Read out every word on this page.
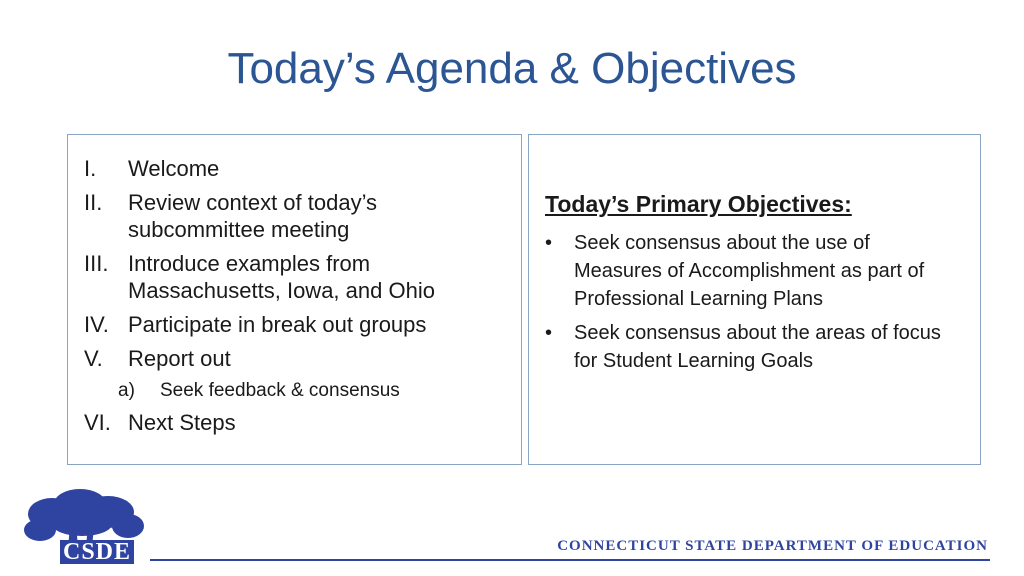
Today’s Agenda & Objectives
I.	Welcome
II.	Review context of today’s subcommittee meeting
III. Introduce examples from Massachusetts, Iowa, and Ohio
IV. Participate in break out groups
V.	Report out
a)	Seek feedback & consensus
VI. Next Steps
Today’s Primary Objectives:
•	Seek consensus about the use of Measures of Accomplishment as part of Professional Learning Plans
•	Seek consensus about the areas of focus for Student Learning Goals
CSDE	CONNECTICUT STATE DEPARTMENT OF EDUCATION
